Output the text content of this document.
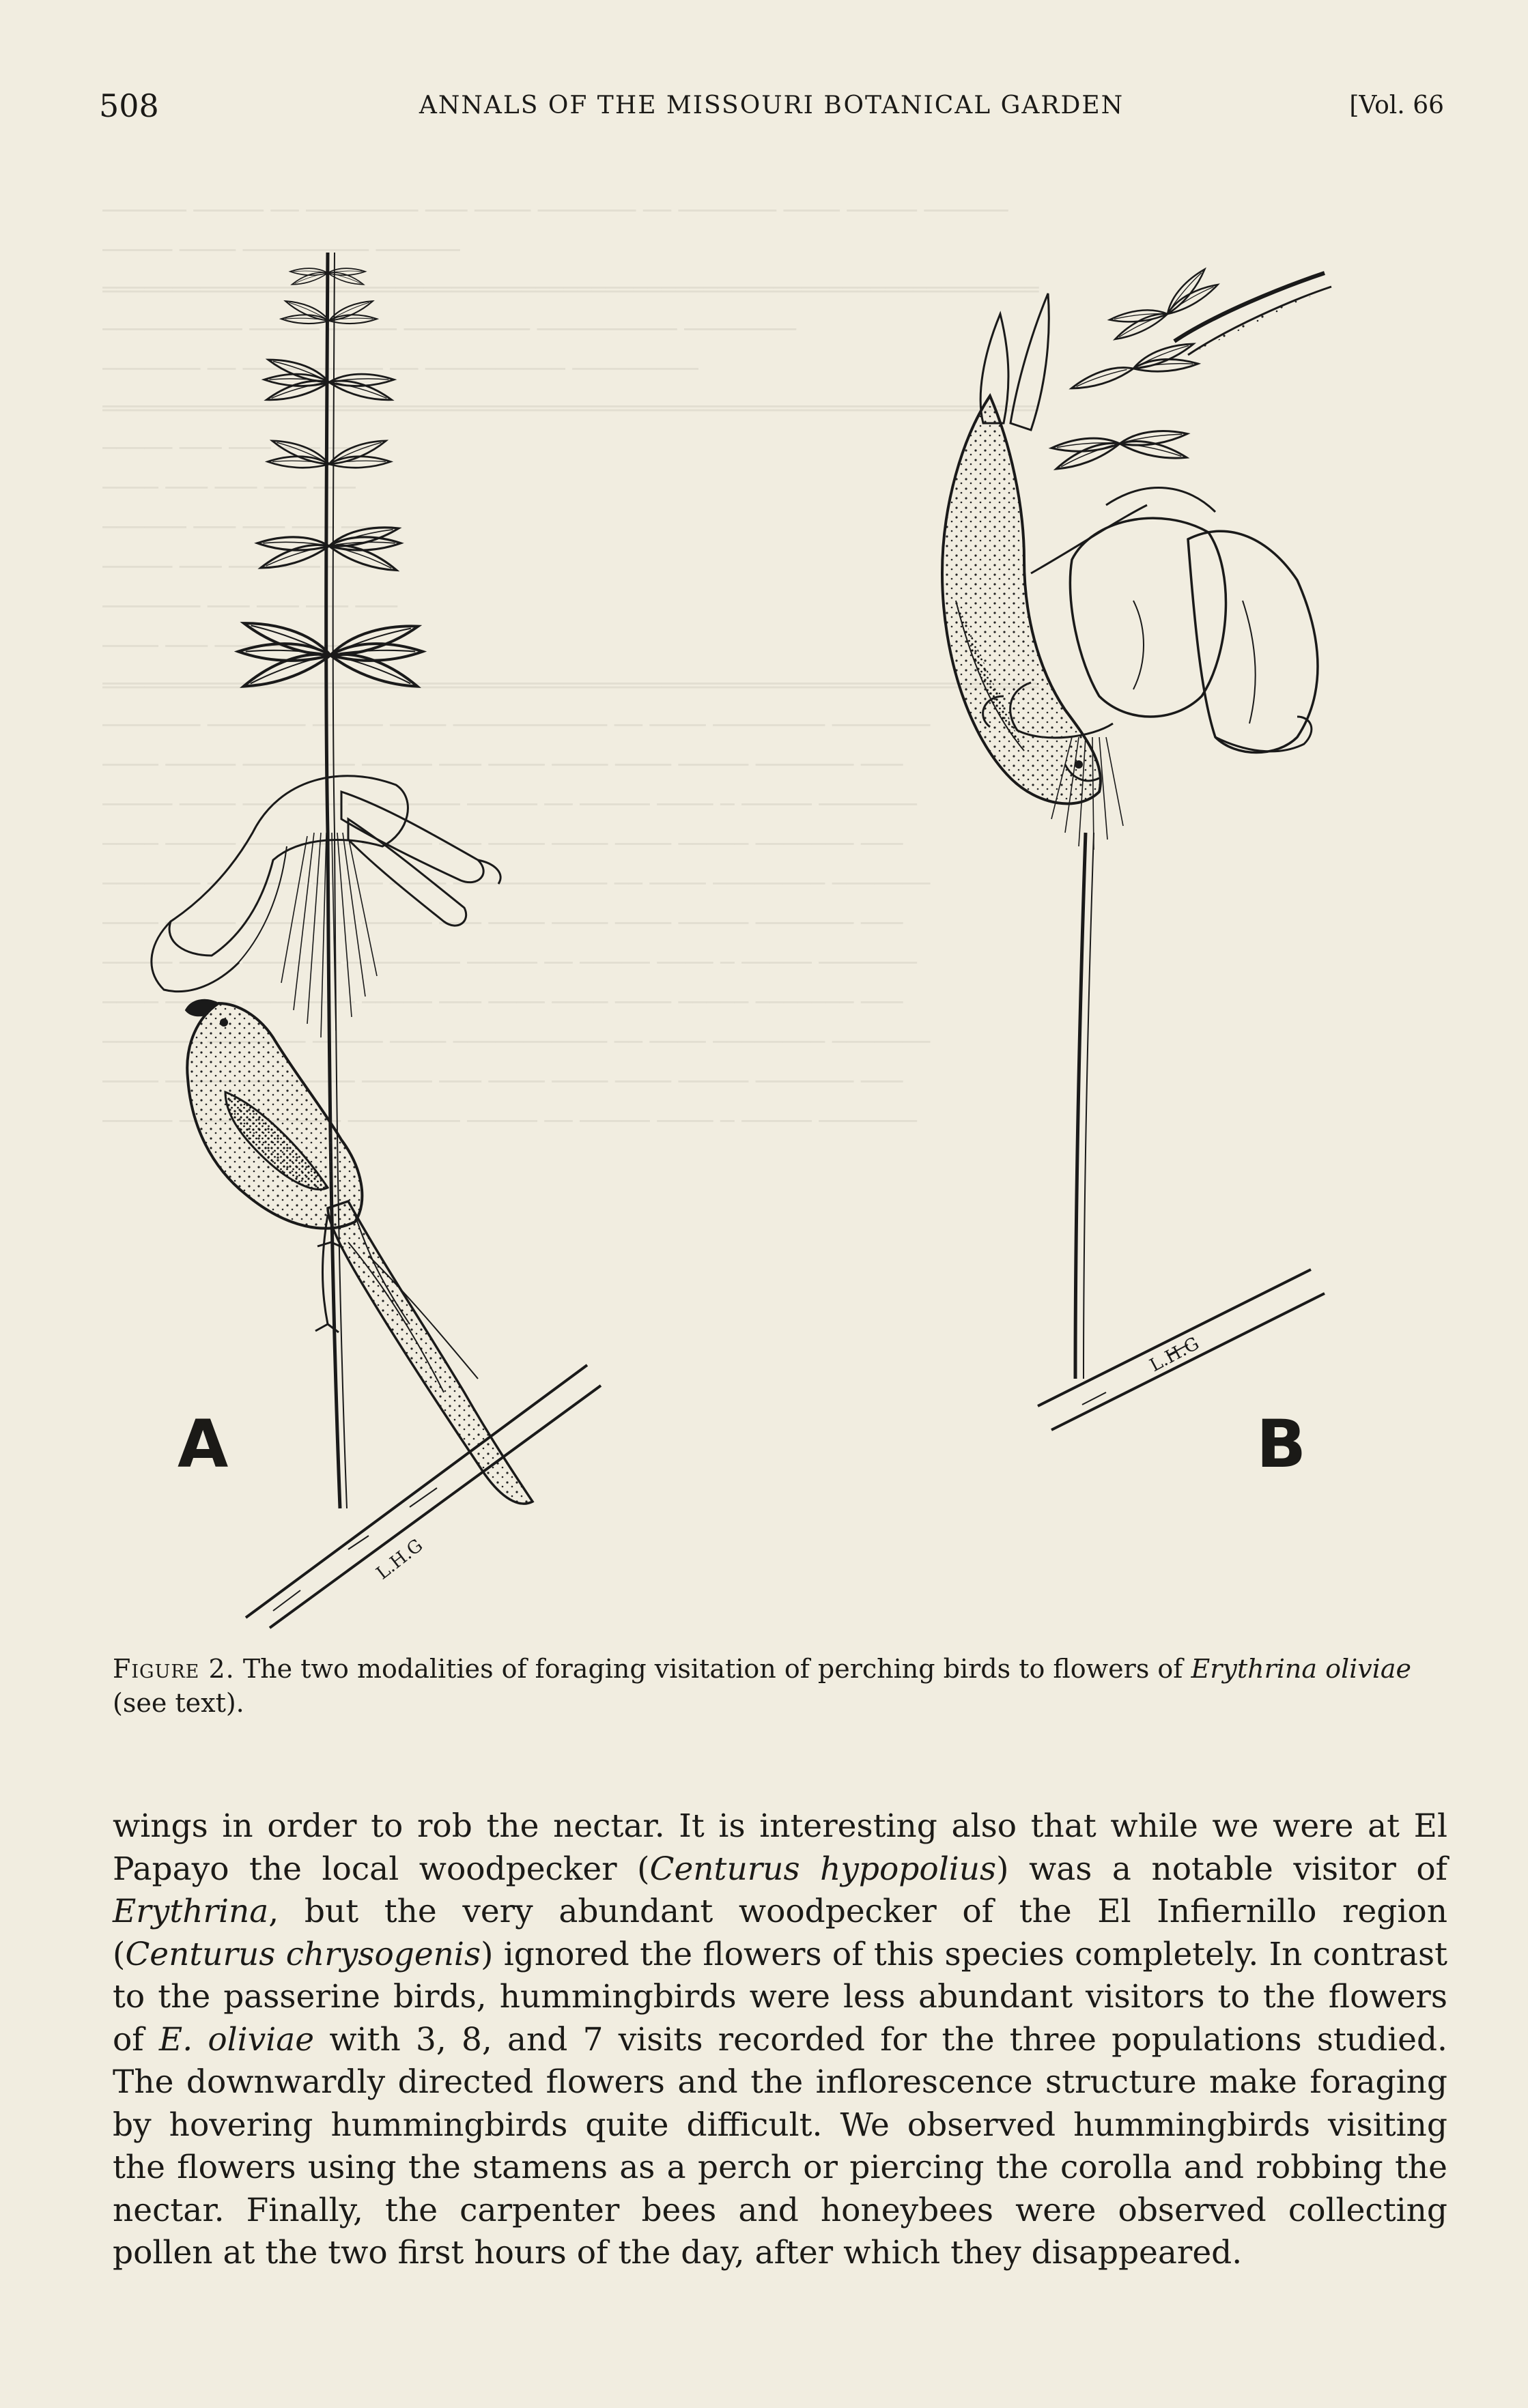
508	ANNALS OF THE MISSOURI BOTANICAL GARDEN	[Vol. 66

────── ───── ── ──────── ─── ──── ─────── ── ─────── ──── ───── ──────

───── ──── ───────── ──────

═══════════════════════════════════════════════════════════════════

────────── ───── ───── ───────── ────────── ────────

─────── ── ────────── ── ────────── ─────────

═══════════════════════════════════════════════════════════════════

───── ─── ─── ─── ───

──── ─── ─── ─── ───

────── ─── ─── ─── ───

───── ─── ─── ─── ───

─────── ─── ─── ─── ───

──── ─── ─── ─── ───

═══════════════════════════════════════════════════════════════════

─────── ─────── ───── ──── ─────────── ── ──── ──────── ───────

──── ───── ──────── ───── ─── ──── ──── ──── ───── ─────── ───

───── ──── ─────── ──────── ───── ── ───── ──── ─ ───── ───────

──── ───── ──────── ───── ─── ──── ──── ──── ───── ─────── ───

─────── ─────── ───── ──── ─────────── ── ──── ──────── ───────

──── ───── ──────── ───── ─── ──── ──── ──── ───── ─────── ───

───── ──── ─────── ──────── ───── ── ───── ──── ─ ───── ───────

──── ───── ──────── ───── ─── ──── ──── ──── ───── ─────── ───

─────── ─────── ───── ──── ─────────── ── ──── ──────── ───────

──── ───── ──────── ───── ─── ──── ──── ──── ───── ─────── ───

───── ──── ─────── ──────── ───── ── ───── ──── ─ ───── ───────

L.H.G
L.H.G
A	B
Figure 2. The two modalities of foraging visitation of perching birds to flowers of Erythrina oliviae (see text).

wings in order to rob the nectar. It is interesting also that while we were at El Papayo the local woodpecker (Centurus hypopolius) was a notable visitor of Erythrina, but the very abundant woodpecker of the El Infiernillo region (Centurus chrysogenis) ignored the flowers of this species completely. In contrast to the passerine birds, hummingbirds were less abundant visitors to the flowers of E. oliviae with 3, 8, and 7 visits recorded for the three populations studied. The downwardly directed flowers and the inflorescence structure make foraging by hovering hummingbirds quite difficult. We observed hummingbirds visiting the flowers using the stamens as a perch or piercing the corolla and robbing the nectar. Finally, the carpenter bees and honeybees were observed collecting pollen at the two first hours of the day, after which they disappeared.
